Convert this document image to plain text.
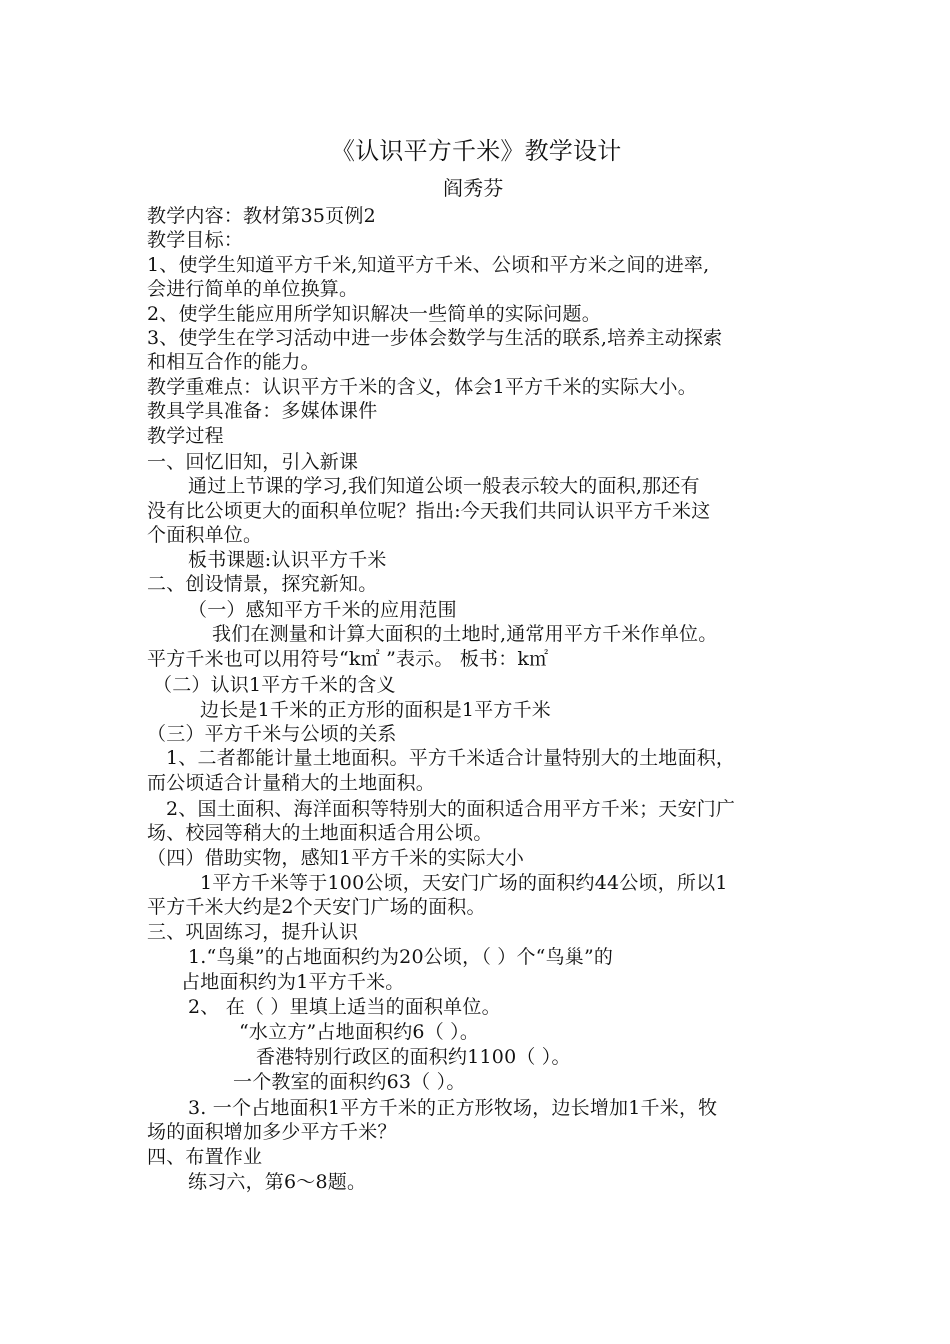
《认识平方千米》教学设计
阎秀芬
教学内容：教材第35页例2
教学目标：
1、使学生知道平方千米,知道平方千米、公顷和平方米之间的进率,
会进行简单的单位换算。
2、使学生能应用所学知识解决一些简单的实际问题。
3、使学生在学习活动中进一步体会数学与生活的联系,培养主动探索
和相互合作的能力。
教学重难点：认识平方千米的含义，体会1平方千米的实际大小。
教具学具准备：多媒体课件
教学过程
一、回忆旧知，引入新课
通过上节课的学习,我们知道公顷一般表示较大的面积,那还有
没有比公顷更大的面积单位呢？指出:今天我们共同认识平方千米这
个面积单位。
板书课题:认识平方千米
二、创设情景，探究新知。
（一）感知平方千米的应用范围
我们在测量和计算大面积的土地时,通常用平方千米作单位。
平方千米也可以用符号“k㎡ ”表示。 板书：k㎡
（二）认识1平方千米的含义
边长是1千米的正方形的面积是1平方千米
（三）平方千米与公顷的关系
1、二者都能计量土地面积。平方千米适合计量特别大的土地面积，
而公顷适合计量稍大的土地面积。
2、国土面积、海洋面积等特别大的面积适合用平方千米；天安门广
场、校园等稍大的土地面积适合用公顷。
（四）借助实物，感知1平方千米的实际大小
1平方千米等于100公顷，天安门广场的面积约44公顷，所以1
平方千米大约是2个天安门广场的面积。
三、巩固练习，提升认识
1.“鸟巢”的占地面积约为20公顷，（ ）个“鸟巢”的
占地面积约为1平方千米。
2、 在（ ）里填上适当的面积单位。
“水立方”占地面积约6（ ）。
香港特别行政区的面积约1100（ ）。
一个教室的面积约63（ ）。
3. 一个占地面积1平方千米的正方形牧场，边长增加1千米，牧
场的面积增加多少平方千米？
四、布置作业
练习六，第6～8题。
